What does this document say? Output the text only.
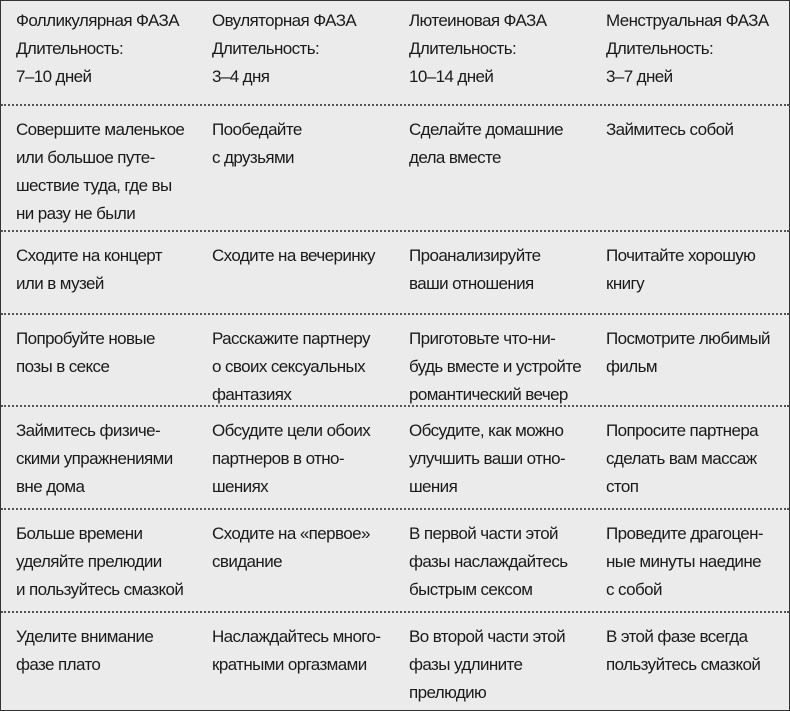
Фолликулярная ФАЗА
Длительность:
7–10 дней
Овуляторная ФАЗА
Длительность:
3–4 дня
Лютеиновая ФАЗА
Длительность:
10–14 дней
Менструальная ФАЗА
Длительность:
3–7 дней
Совершите маленькое
или большое путе-
шествие туда, где вы
ни разу не были
Пообедайте
с друзьями
Сделайте домашние
дела вместе
Займитесь собой
Сходите на концерт
или в музей
Сходите на вечеринку	Проанализируйте
ваши отношения
Почитайте хорошую
книгу
Попробуйте новые
позы в сексе
Расскажите партнеру
о своих сексуальных
фантазиях
Приготовьте что-ни-
будь вместе и устройте
романтический вечер
Посмотрите любимый
фильм
Займитесь физиче-
скими упражнениями
вне дома
Обсудите цели обоих
партнеров в отно-
шениях
Обсудите, как можно
улучшить ваши отно-
шения
Попросите партнера
сделать вам массаж
стоп
Больше времени
уделяйте прелюдии
и пользуйтесь смазкой
Сходите на «первое»
свидание
В первой части этой
фазы наслаждайтесь
быстрым сексом
Проведите драгоцен-
ные минуты наедине
с собой
Уделите внимание
фазе плато
Наслаждайтесь много-
кратными оргазмами
Во второй части этой
фазы удлините
прелюдию
В этой фазе всегда
пользуйтесь смазкой
